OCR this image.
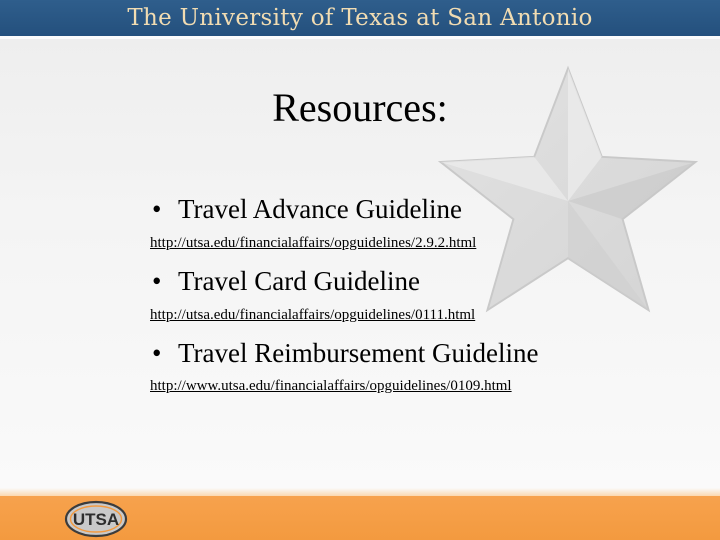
The University of Texas at San Antonio
Resources:
• Travel Advance Guideline
http://utsa.edu/financialaffairs/opguidelines/2.9.2.html
• Travel Card Guideline
http://utsa.edu/financialaffairs/opguidelines/0111.html
• Travel Reimbursement Guideline
http://www.utsa.edu/financialaffairs/opguidelines/0109.html
UTSA
